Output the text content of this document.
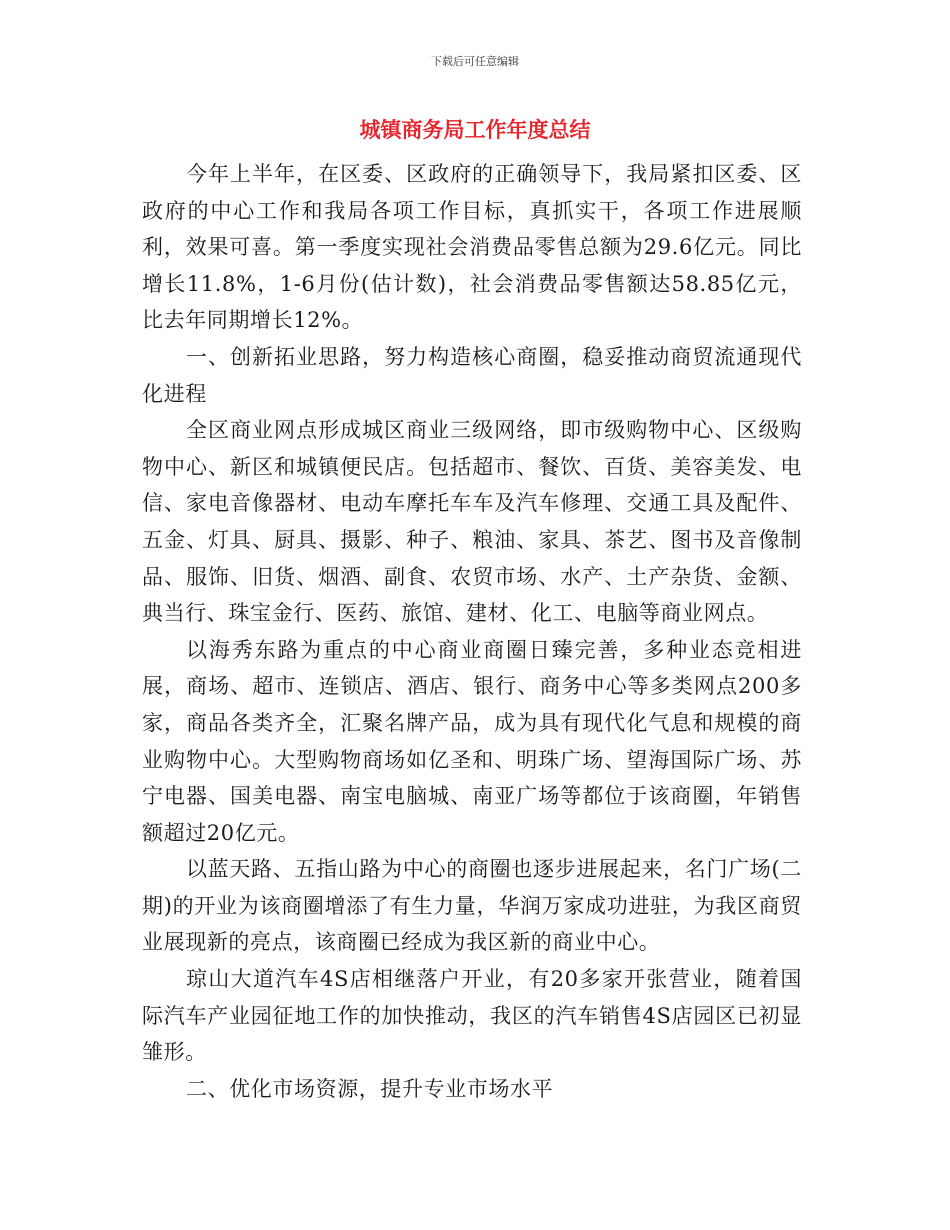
下载后可任意编辑
城镇商务局工作年度总结

今年上半年，在区委、区政府的正确领导下，我局紧扣区委、区政府的中心工作和我局各项工作目标，真抓实干，各项工作进展顺利，效果可喜。第一季度实现社会消费品零售总额为29.6亿元。同比增长11.8%，1-6月份(估计数)，社会消费品零售额达58.85亿元，比去年同期增长12%。

一、创新拓业思路，努力构造核心商圈，稳妥推动商贸流通现代化进程

全区商业网点形成城区商业三级网络，即市级购物中心、区级购物中心、新区和城镇便民店。包括超市、餐饮、百货、美容美发、电信、家电音像器材、电动车摩托车车及汽车修理、交通工具及配件、五金、灯具、厨具、摄影、种子、粮油、家具、茶艺、图书及音像制品、服饰、旧货、烟酒、副食、农贸市场、水产、土产杂货、金额、典当行、珠宝金行、医药、旅馆、建材、化工、电脑等商业网点。

以海秀东路为重点的中心商业商圈日臻完善，多种业态竞相进展，商场、超市、连锁店、酒店、银行、商务中心等多类网点200多家，商品各类齐全，汇聚名牌产品，成为具有现代化气息和规模的商业购物中心。大型购物商场如亿圣和、明珠广场、望海国际广场、苏宁电器、国美电器、南宝电脑城、南亚广场等都位于该商圈，年销售额超过20亿元。

以蓝天路、五指山路为中心的商圈也逐步进展起来，名门广场(二期)的开业为该商圈增添了有生力量，华润万家成功进驻，为我区商贸业展现新的亮点，该商圈已经成为我区新的商业中心。

琼山大道汽车4S店相继落户开业，有20多家开张营业，随着国际汽车产业园征地工作的加快推动，我区的汽车销售4S店园区已初显雏形。

二、优化市场资源，提升专业市场水平
